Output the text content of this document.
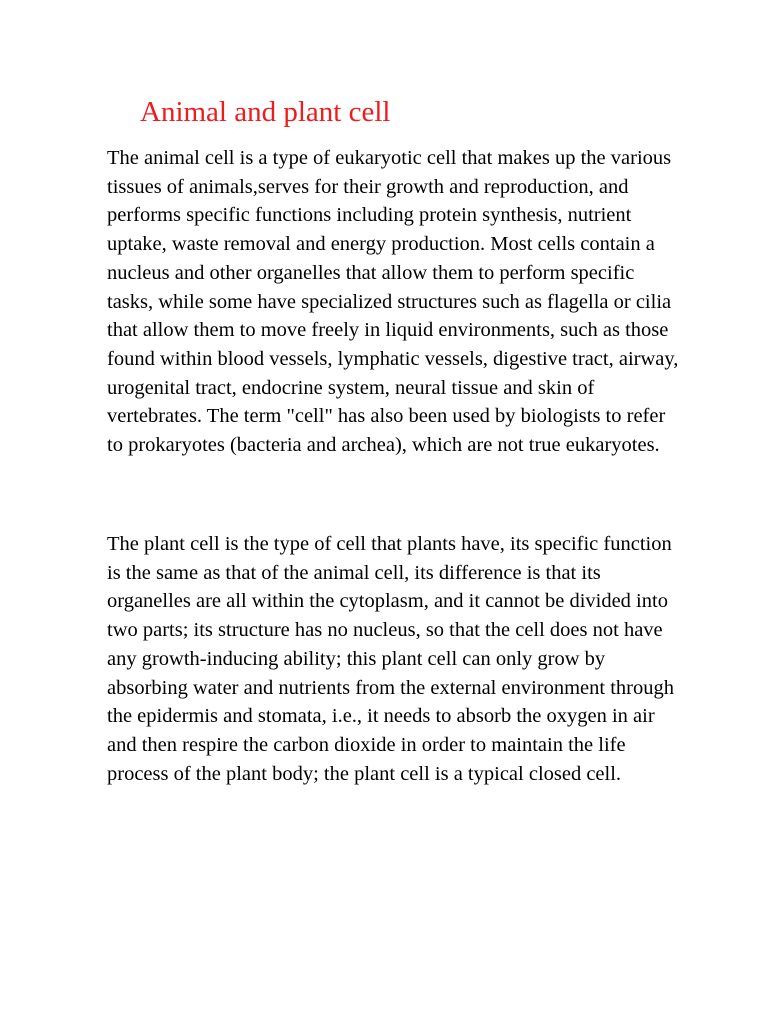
Animal and plant cell

The animal cell is a type of eukaryotic cell that makes up the various tissues of animals,serves for their growth and reproduction, and performs specific functions including protein synthesis, nutrient uptake, waste removal and energy production. Most cells contain a nucleus and other organelles that allow them to perform specific tasks, while some have specialized structures such as flagella or cilia that allow them to move freely in liquid environments, such as those found within blood vessels, lymphatic vessels, digestive tract, airway, urogenital tract, endocrine system, neural tissue and skin of vertebrates. The term "cell" has also been used by biologists to refer to prokaryotes (bacteria and archea), which are not true eukaryotes.

The plant cell is the type of cell that plants have, its specific function is the same as that of the animal cell, its difference is that its organelles are all within the cytoplasm, and it cannot be divided into two parts; its structure has no nucleus, so that the cell does not have any growth-inducing ability; this plant cell can only grow by absorbing water and nutrients from the external environment through the epidermis and stomata, i.e., it needs to absorb the oxygen in air and then respire the carbon dioxide in order to maintain the life process of the plant body; the plant cell is a typical closed cell.
